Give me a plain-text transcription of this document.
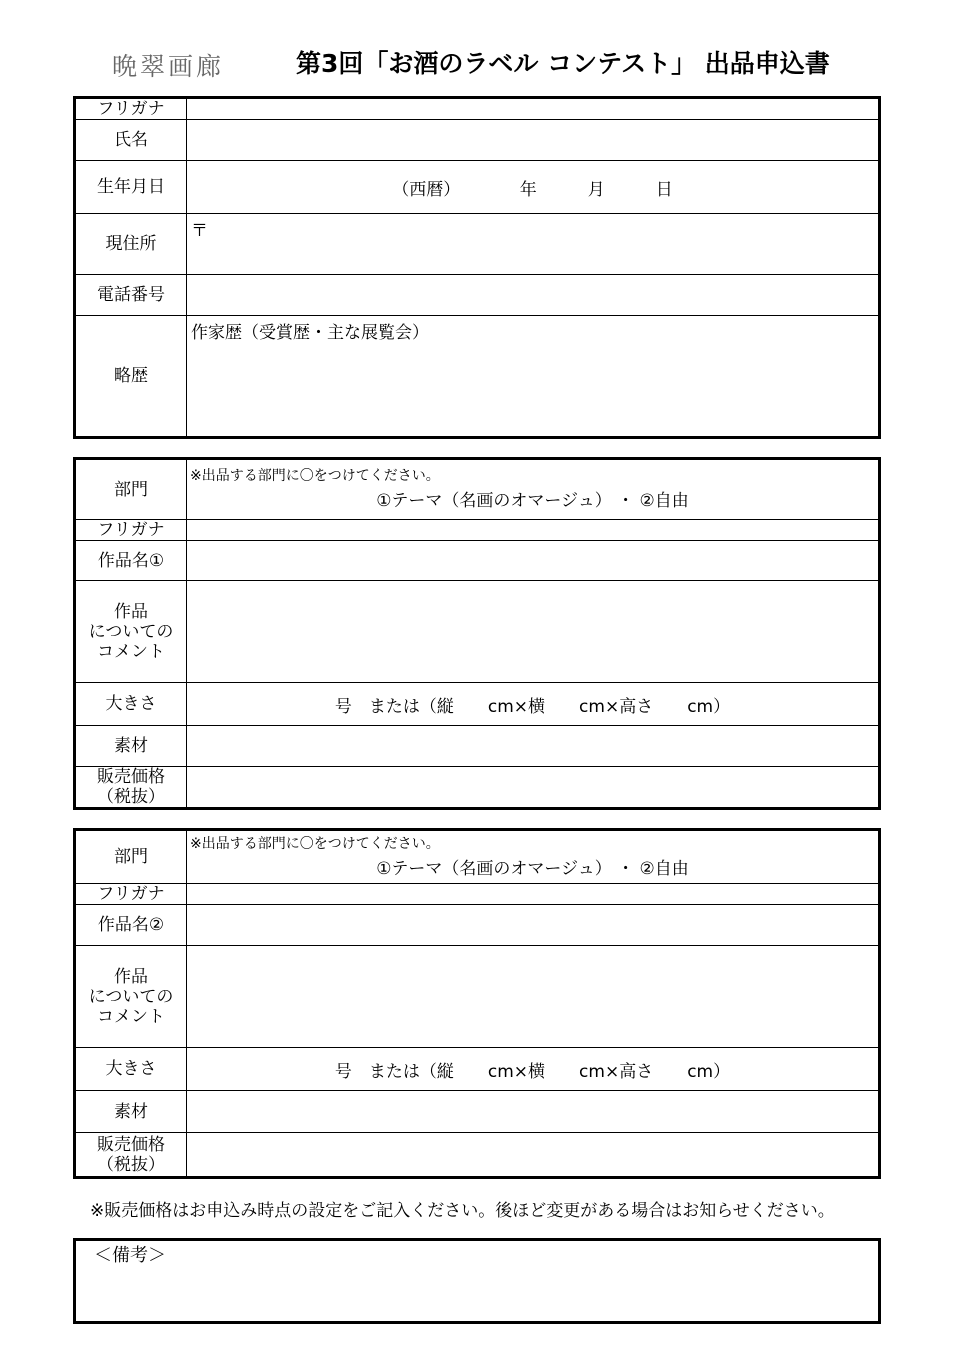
晩翠画廊	第3回「お酒のラベル コンテスト」 出品申込書
フリガナ	
氏名	
生年月日	（西暦）　　　　年　　　月　　　日
現住所	〒

電話番号	
略歴	作家歴（受賞歴・主な展覧会）
部門	※出品する部門に〇をつけてください。
①テーマ（名画のオマージュ） ・ ②自由

フリガナ	
作品名①	

作品
についての
コメント	

大きさ	号　または（縦　　cm×横　　cm×高さ　　cm）
素材	

販売価格
（税抜）	

部門	※出品する部門に〇をつけてください。
①テーマ（名画のオマージュ） ・ ②自由

フリガナ	
作品名②	

作品
についての
コメント	

大きさ	号　または（縦　　cm×横　　cm×高さ　　cm）
素材	

販売価格
（税抜）	

※販売価格はお申込み時点の設定をご記入ください。後ほど変更がある場合はお知らせください。
＜備考＞
